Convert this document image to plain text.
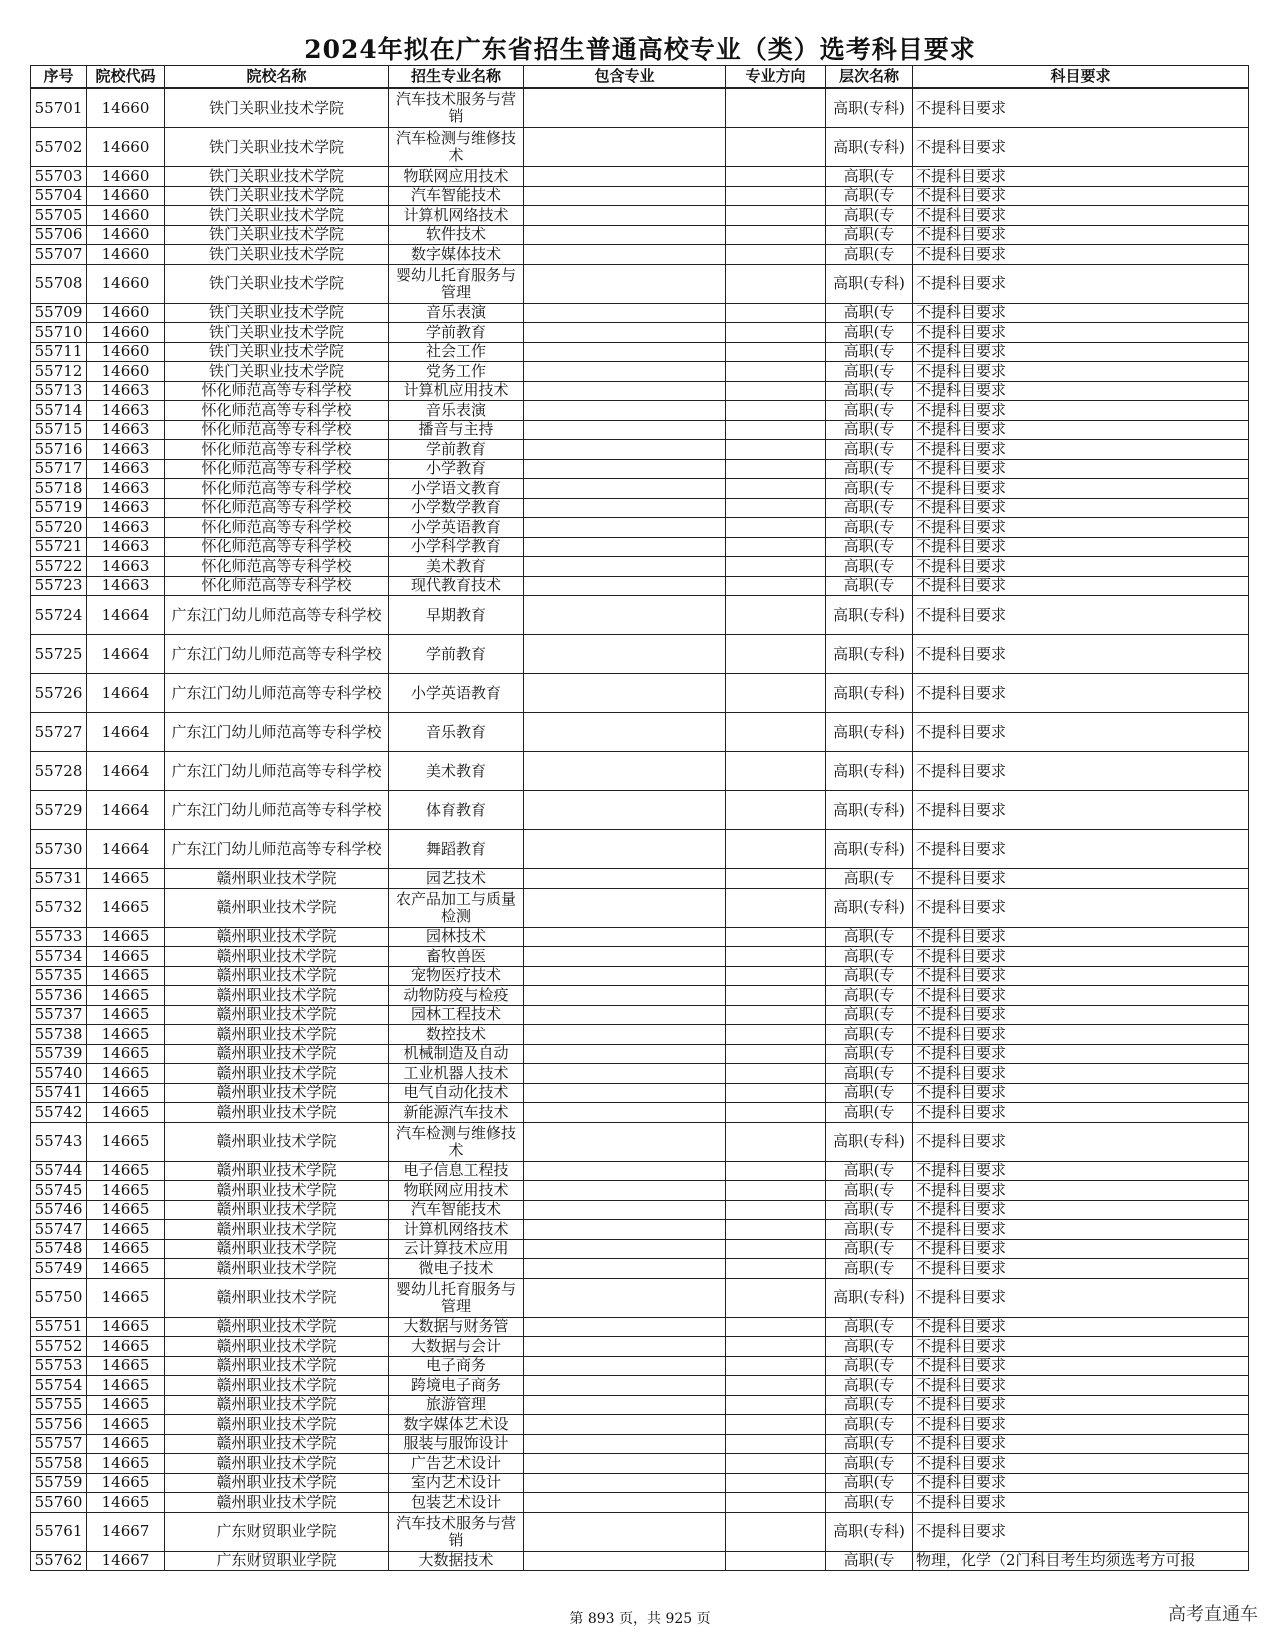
2024年拟在广东省招生普通高校专业（类）选考科目要求
序号	院校代码	院校名称	招生专业名称	包含专业	专业方向	层次名称	科目要求
55701	14660	铁门关职业技术学院	汽车技术服务与营销			高职(专科)	不提科目要求
55702	14660	铁门关职业技术学院	汽车检测与维修技术			高职(专科)	不提科目要求
55703	14660	铁门关职业技术学院	物联网应用技术			高职(专	不提科目要求
55704	14660	铁门关职业技术学院	汽车智能技术			高职(专	不提科目要求
55705	14660	铁门关职业技术学院	计算机网络技术			高职(专	不提科目要求
55706	14660	铁门关职业技术学院	软件技术			高职(专	不提科目要求
55707	14660	铁门关职业技术学院	数字媒体技术			高职(专	不提科目要求
55708	14660	铁门关职业技术学院	婴幼儿托育服务与管理			高职(专科)	不提科目要求
55709	14660	铁门关职业技术学院	音乐表演			高职(专	不提科目要求
55710	14660	铁门关职业技术学院	学前教育			高职(专	不提科目要求
55711	14660	铁门关职业技术学院	社会工作			高职(专	不提科目要求
55712	14660	铁门关职业技术学院	党务工作			高职(专	不提科目要求
55713	14663	怀化师范高等专科学校	计算机应用技术			高职(专	不提科目要求
55714	14663	怀化师范高等专科学校	音乐表演			高职(专	不提科目要求
55715	14663	怀化师范高等专科学校	播音与主持			高职(专	不提科目要求
55716	14663	怀化师范高等专科学校	学前教育			高职(专	不提科目要求
55717	14663	怀化师范高等专科学校	小学教育			高职(专	不提科目要求
55718	14663	怀化师范高等专科学校	小学语文教育			高职(专	不提科目要求
55719	14663	怀化师范高等专科学校	小学数学教育			高职(专	不提科目要求
55720	14663	怀化师范高等专科学校	小学英语教育			高职(专	不提科目要求
55721	14663	怀化师范高等专科学校	小学科学教育			高职(专	不提科目要求
55722	14663	怀化师范高等专科学校	美术教育			高职(专	不提科目要求
55723	14663	怀化师范高等专科学校	现代教育技术			高职(专	不提科目要求
55724	14664	广东江门幼儿师范高等专科学校	早期教育			高职(专科)	不提科目要求
55725	14664	广东江门幼儿师范高等专科学校	学前教育			高职(专科)	不提科目要求
55726	14664	广东江门幼儿师范高等专科学校	小学英语教育			高职(专科)	不提科目要求
55727	14664	广东江门幼儿师范高等专科学校	音乐教育			高职(专科)	不提科目要求
55728	14664	广东江门幼儿师范高等专科学校	美术教育			高职(专科)	不提科目要求
55729	14664	广东江门幼儿师范高等专科学校	体育教育			高职(专科)	不提科目要求
55730	14664	广东江门幼儿师范高等专科学校	舞蹈教育			高职(专科)	不提科目要求
55731	14665	赣州职业技术学院	园艺技术			高职(专	不提科目要求
55732	14665	赣州职业技术学院	农产品加工与质量检测			高职(专科)	不提科目要求
55733	14665	赣州职业技术学院	园林技术			高职(专	不提科目要求
55734	14665	赣州职业技术学院	畜牧兽医			高职(专	不提科目要求
55735	14665	赣州职业技术学院	宠物医疗技术			高职(专	不提科目要求
55736	14665	赣州职业技术学院	动物防疫与检疫			高职(专	不提科目要求
55737	14665	赣州职业技术学院	园林工程技术			高职(专	不提科目要求
55738	14665	赣州职业技术学院	数控技术			高职(专	不提科目要求
55739	14665	赣州职业技术学院	机械制造及自动			高职(专	不提科目要求
55740	14665	赣州职业技术学院	工业机器人技术			高职(专	不提科目要求
55741	14665	赣州职业技术学院	电气自动化技术			高职(专	不提科目要求
55742	14665	赣州职业技术学院	新能源汽车技术			高职(专	不提科目要求
55743	14665	赣州职业技术学院	汽车检测与维修技术			高职(专科)	不提科目要求
55744	14665	赣州职业技术学院	电子信息工程技			高职(专	不提科目要求
55745	14665	赣州职业技术学院	物联网应用技术			高职(专	不提科目要求
55746	14665	赣州职业技术学院	汽车智能技术			高职(专	不提科目要求
55747	14665	赣州职业技术学院	计算机网络技术			高职(专	不提科目要求
55748	14665	赣州职业技术学院	云计算技术应用			高职(专	不提科目要求
55749	14665	赣州职业技术学院	微电子技术			高职(专	不提科目要求
55750	14665	赣州职业技术学院	婴幼儿托育服务与管理			高职(专科)	不提科目要求
55751	14665	赣州职业技术学院	大数据与财务管			高职(专	不提科目要求
55752	14665	赣州职业技术学院	大数据与会计			高职(专	不提科目要求
55753	14665	赣州职业技术学院	电子商务			高职(专	不提科目要求
55754	14665	赣州职业技术学院	跨境电子商务			高职(专	不提科目要求
55755	14665	赣州职业技术学院	旅游管理			高职(专	不提科目要求
55756	14665	赣州职业技术学院	数字媒体艺术设			高职(专	不提科目要求
55757	14665	赣州职业技术学院	服装与服饰设计			高职(专	不提科目要求
55758	14665	赣州职业技术学院	广告艺术设计			高职(专	不提科目要求
55759	14665	赣州职业技术学院	室内艺术设计			高职(专	不提科目要求
55760	14665	赣州职业技术学院	包装艺术设计			高职(专	不提科目要求
55761	14667	广东财贸职业学院	汽车技术服务与营销			高职(专科)	不提科目要求
55762	14667	广东财贸职业学院	大数据技术			高职(专	物理，化学（2门科目考生均须选考方可报
第 893 页，共 925 页	高考直通车
